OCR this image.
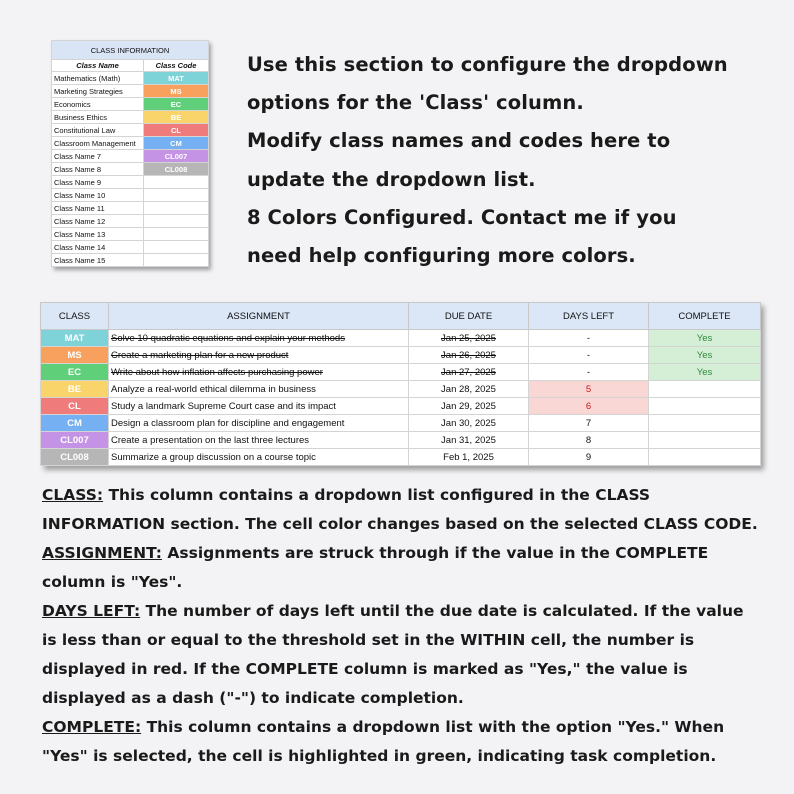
CLASS INFORMATION	
Class Name	Class Code
Mathematics (Math)	MAT
Marketing Strategies	MS
Economics	EC
Business Ethics	BE
Constitutional Law	CL
Classroom Management	CM
Class Name 7	CL007
Class Name 8	CL008
Class Name 9	
Class Name 10	
Class Name 11	
Class Name 12	
Class Name 13	
Class Name 14	
Class Name 15	
Use this section to configure the dropdown
options for the 'Class' column.
Modify class names and codes here to
update the dropdown list.
8 Colors Configured. Contact me if you
need help configuring more colors.
CLASS	ASSIGNMENT	DUE DATE	DAYS LEFT	COMPLETE
MAT	Solve 10 quadratic equations and explain your methods	Jan 25, 2025	-	Yes
MS	Create a marketing plan for a new product	Jan 26, 2025	-	Yes
EC	Write about how inflation affects purchasing power	Jan 27, 2025	-	Yes
BE	Analyze a real-world ethical dilemma in business	Jan 28, 2025	5	
CL	Study a landmark Supreme Court case and its impact	Jan 29, 2025	6	
CM	Design a classroom plan for discipline and engagement	Jan 30, 2025	7	
CL007	Create a presentation on the last three lectures	Jan 31, 2025	8	
CL008	Summarize a group discussion on a course topic	Feb 1, 2025	9	

CLASS: This column contains a dropdown list configured in the CLASS INFORMATION section. The cell color changes based on the selected CLASS CODE.

ASSIGNMENT: Assignments are struck through if the value in the COMPLETE column is "Yes".

DAYS LEFT: The number of days left until the due date is calculated. If the value is less than or equal to the threshold set in the WITHIN cell, the number is displayed in red. If the COMPLETE column is marked as "Yes," the value is displayed as a dash ("-") to indicate completion.

COMPLETE: This column contains a dropdown list with the option "Yes." When "Yes" is selected, the cell is highlighted in green, indicating task completion.
